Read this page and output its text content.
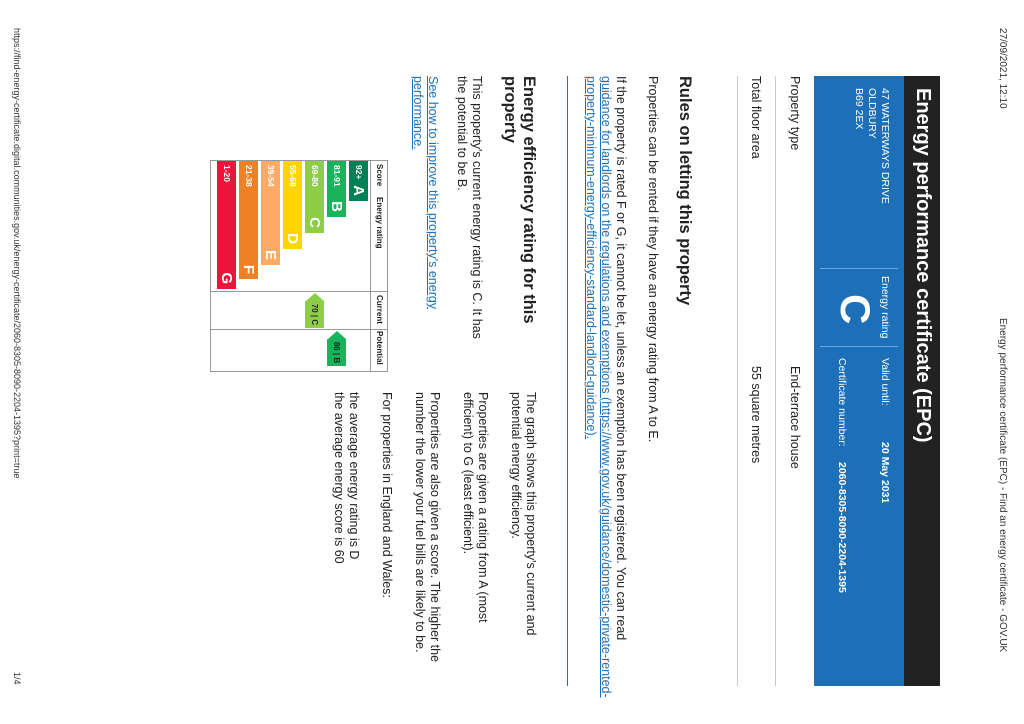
27/09/2021, 12:10
Energy performance certificate (EPC) - Find an energy certificate - GOV.UK
Energy performance certificate (EPC)
47 WATERWAYS DRIVE
OLDBURY
B69 2EX
Energy rating
C
Valid until:
20 May 2031
Certificate number:
2060-8305-8090-2204-1395
Property type
End-terrace house
Total floor area
55 square metres
Rules on letting this property
Properties can be rented if they have an energy rating from A to E.
If the property is rated F or G, it cannot be let, unless an exemption has been registered. You can read
guidance for landlords on the regulations and exemptions (https://www.gov.uk/guidance/domestic-private-rented-
property-minimum-energy-efficiency-standard-landlord-guidance).
Energy efficiency rating for this
property
This property's current energy rating is C. It has
the potential to be B.
See how to improve this property's energy
performance.
The graph shows this property's current and
potential energy efficiency.
Properties are given a rating from A (most
efficient) to G (least efficient).
Properties are also given a score. The higher the
number the lower your fuel bills are likely to be.
For properties in England and Wales:
the average energy rating is D
the average energy score is 60
Score
Energy rating
Current
Potential
92+
A
81-91
B
69-80
C
55-68
D
39-54
E
21-38
F
1-20
G
70 | C
86 | B
https://find-energy-certificate.digital.communities.gov.uk/energy-certificate/2060-8305-8090-2204-1395?print=true
1/4
